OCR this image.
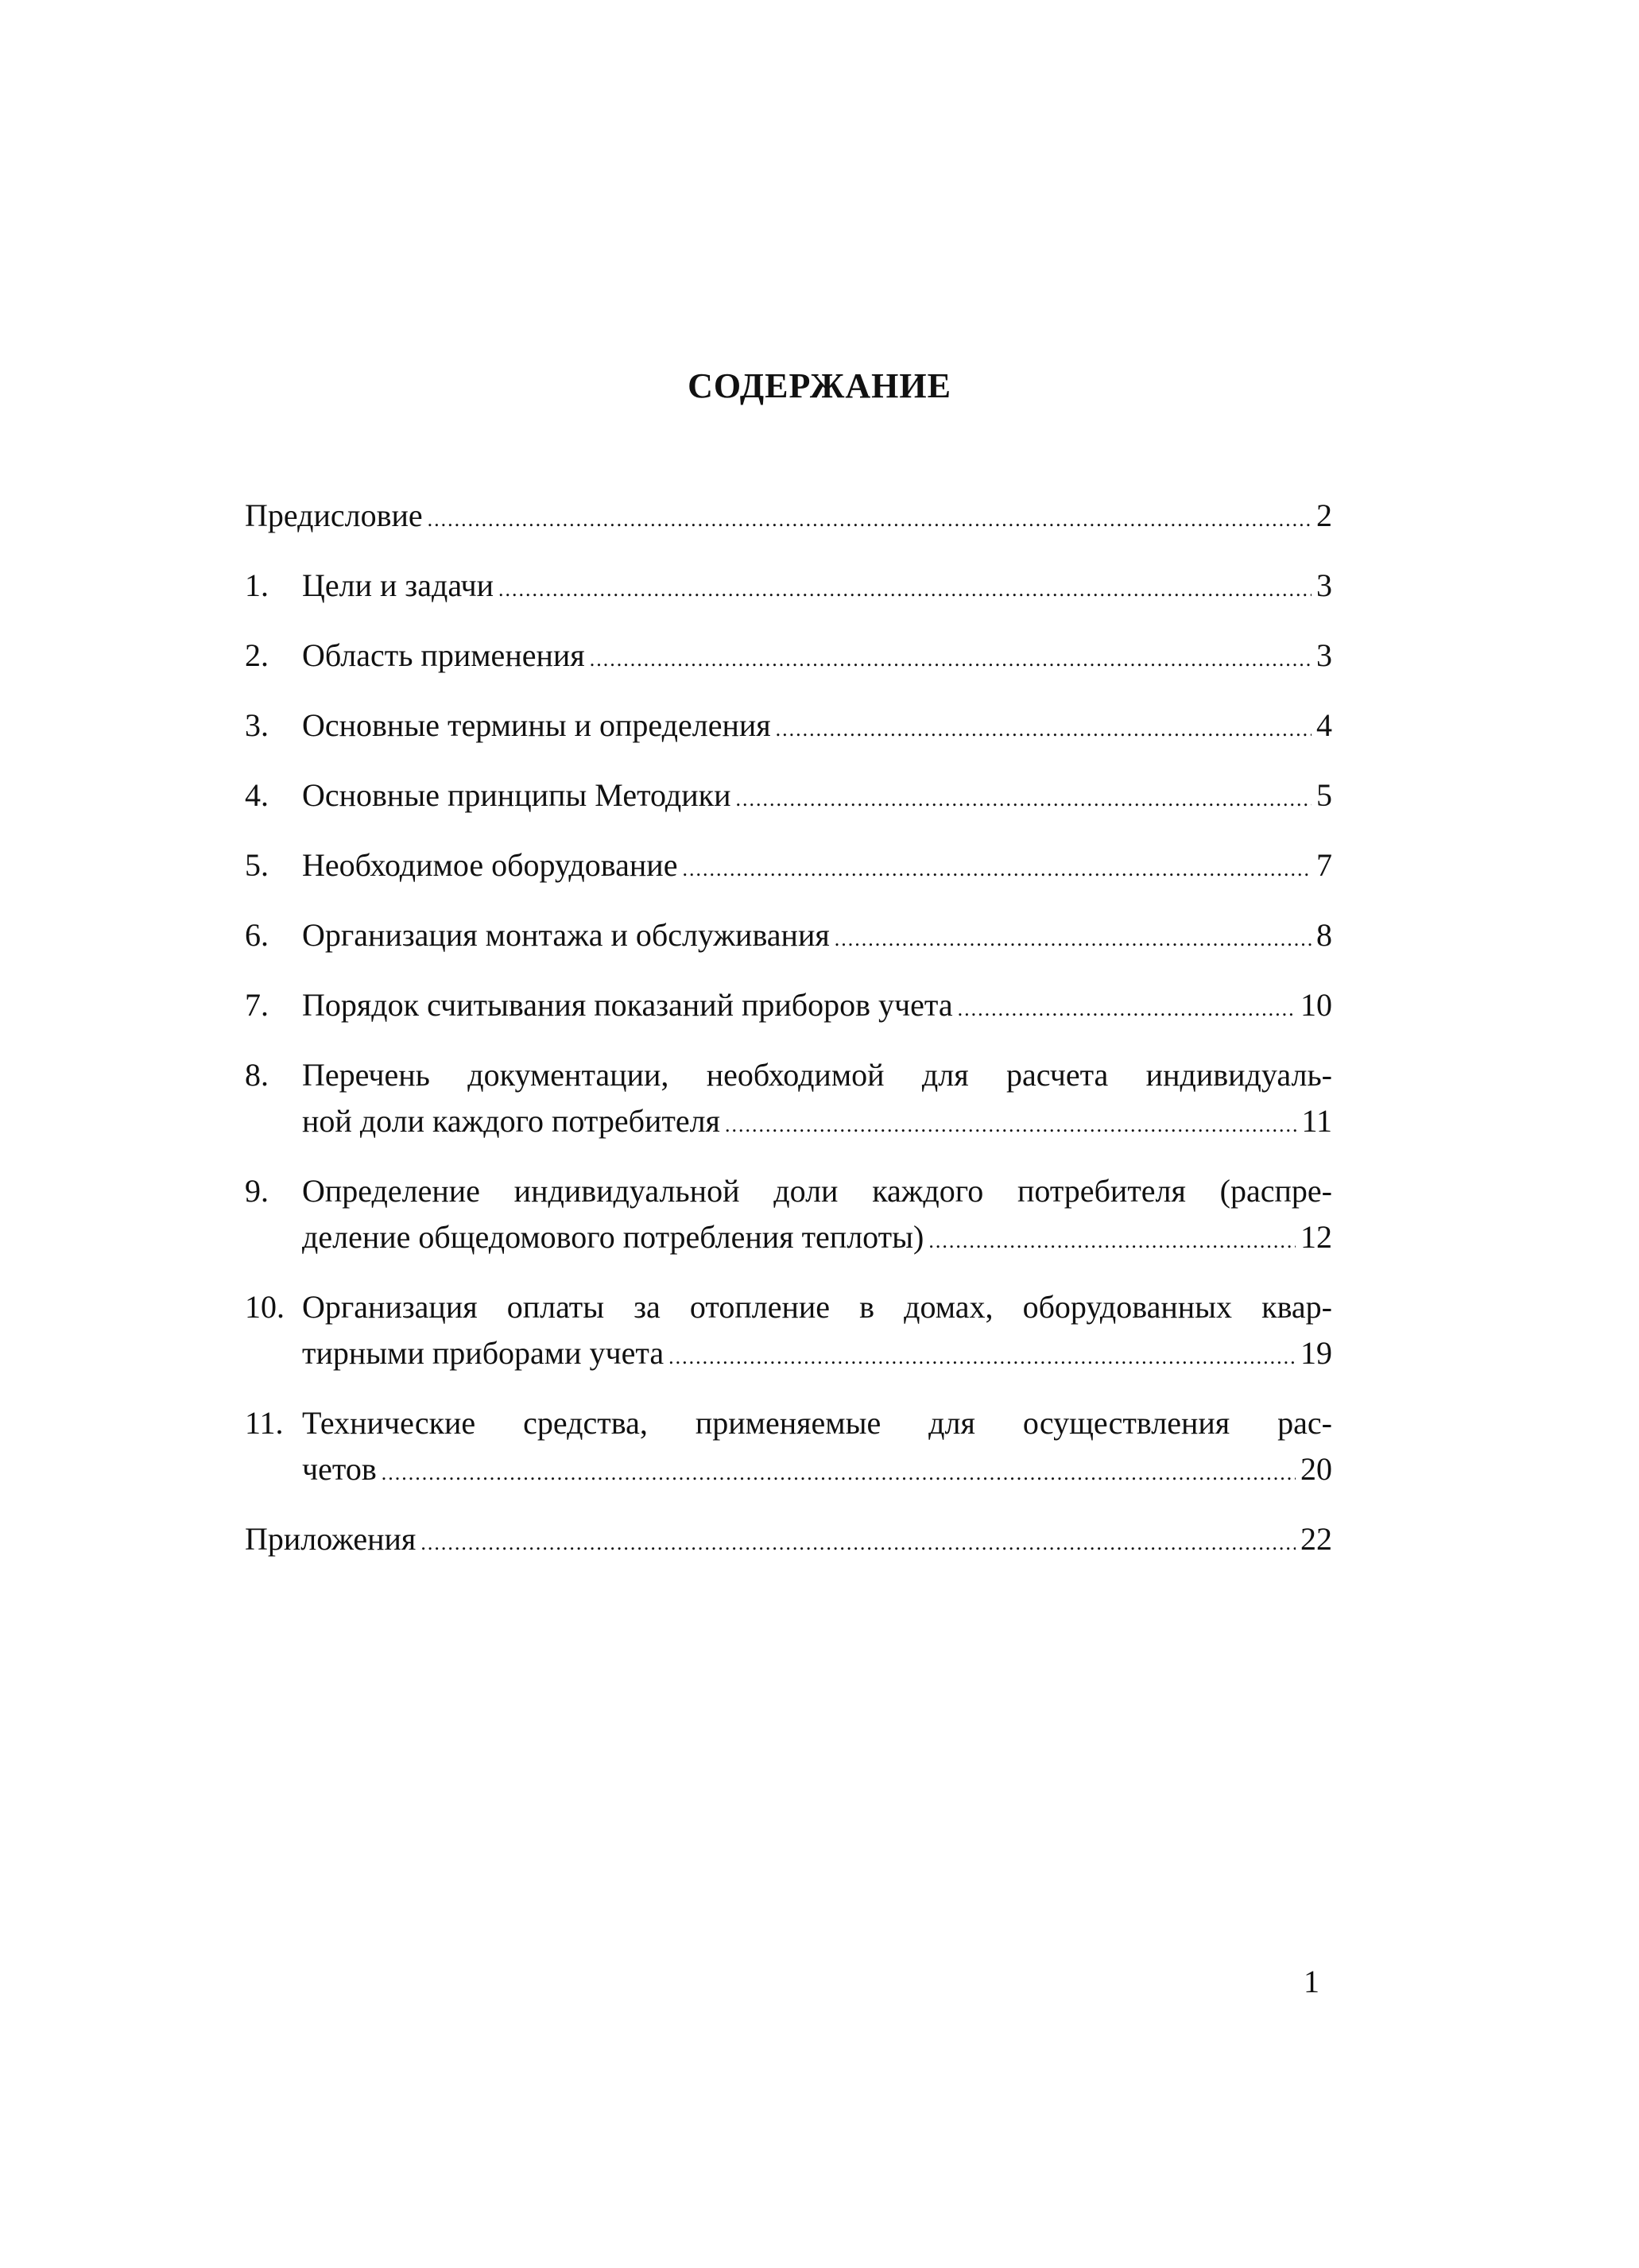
СОДЕРЖАНИЕ
Предисловие .....	2
1.	Цели и задачи .....	3
2.	Область применения .....	3
3.	Основные термины и определения .....	4
4.	Основные принципы Методики .....	5
5.	Необходимое оборудование .....	7
6.	Организация монтажа и обслуживания .....	8
7.	Порядок считывания показаний приборов учета .....	10
8.	Перечень документации, необходимой для расчета индивидуаль-
ной доли каждого потребителя .....	11
9.	Определение индивидуальной доли каждого потребителя (распре-
деление общедомового потребления теплоты) .....	12
10. Организация оплаты за отопление в домах, оборудованных квар-
тирными приборами учета .....	19
11. Технические средства, применяемые для осуществления рас-
четов .....	20
Приложения .....	22
1
